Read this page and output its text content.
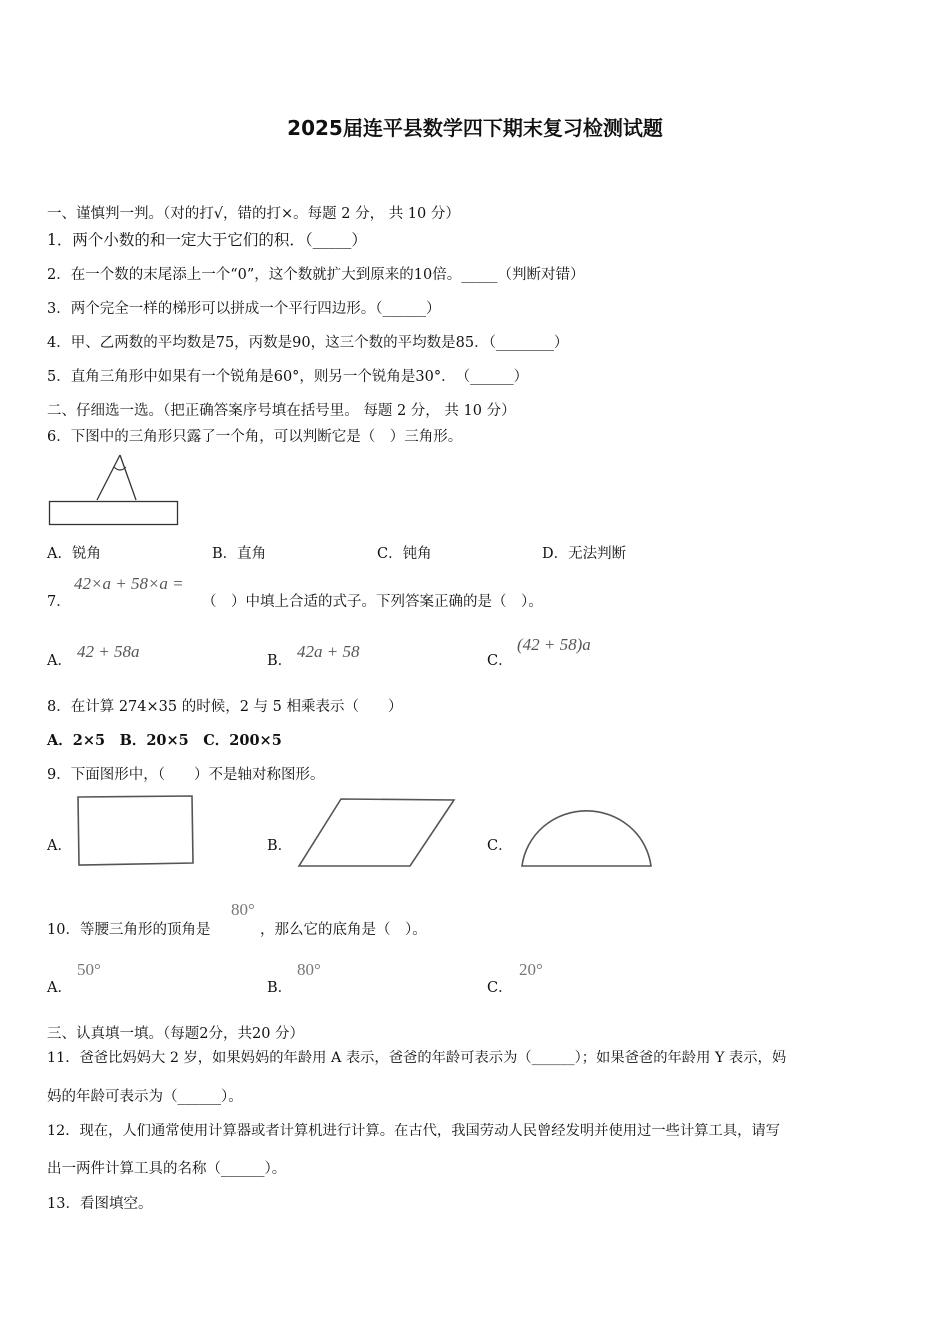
2025届连平县数学四下期末复习检测试题
一、谨慎判一判。（对的打√，错的打×。每题 2 分， 共 10 分）
1．两个小数的和一定大于它们的积．（_____）
2．在一个数的末尾添上一个“0”，这个数就扩大到原来的10倍。_____（判断对错）
3．两个完全一样的梯形可以拼成一个平行四边形。（______）
4．甲、乙两数的平均数是75，丙数是90，这三个数的平均数是85．（________）
5．直角三角形中如果有一个锐角是60°，则另一个锐角是30°．　（______）
二、仔细选一选。（把正确答案序号填在括号里。 每题 2 分， 共 10 分）
6．下图中的三角形只露了一个角，可以判断它是（　）三角形。
A．锐角	B．直角	C．钝角	D．无法判断
7．
42×a + 58×a =
（　）中填上合适的式子。下列答案正确的是（　）。
A． 42 + 58a	B． 42a + 58	C．
(42 + 58)a
8．在计算 274×35 的时候，2 与 5 相乘表示（　　）
A．2×5　B．20×5　C．200×5
9．下面图形中，（　　）不是轴对称图形。
A．	B．	C．
10．等腰三角形的顶角是
80°
，那么它的底角是（　）。
A．
50°
B．
80°
C．
20°
三、认真填一填。（每题2分，共20 分）
11．爸爸比妈妈大 2 岁，如果妈妈的年龄用 A 表示，爸爸的年龄可表示为（______）；如果爸爸的年龄用 Y 表示，妈
妈的年龄可表示为（______）。
12．现在，人们通常使用计算器或者计算机进行计算。在古代，我国劳动人民曾经发明并使用过一些计算工具，请写
出一两件计算工具的名称（______）。
13．看图填空。
